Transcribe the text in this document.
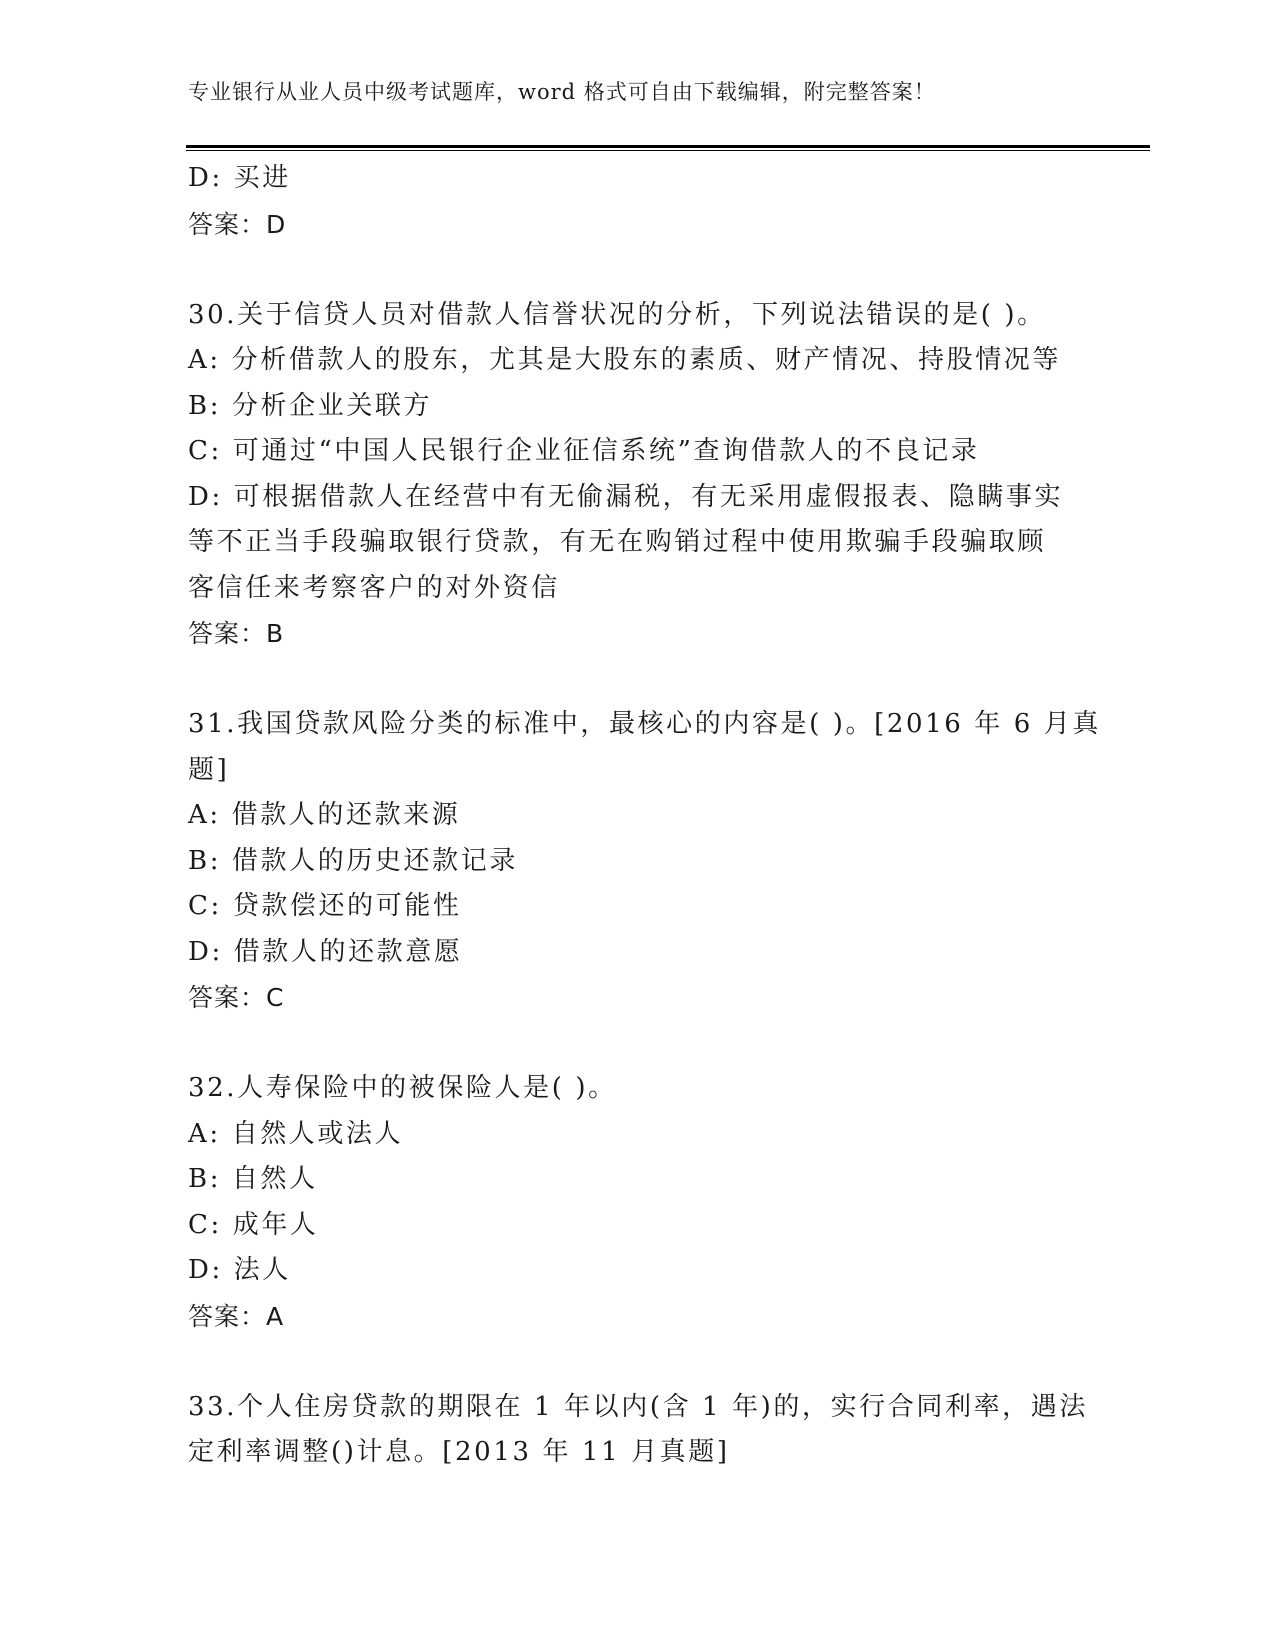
专业银行从业人员中级考试题库，word 格式可自由下载编辑，附完整答案！
D: 买进
答案：D
30.关于信贷人员对借款人信誉状况的分析，下列说法错误的是( )。
A: 分析借款人的股东，尤其是大股东的素质、财产情况、持股情况等
B: 分析企业关联方
C: 可通过“中国人民银行企业征信系统”查询借款人的不良记录
D: 可根据借款人在经营中有无偷漏税，有无采用虚假报表、隐瞒事实
等不正当手段骗取银行贷款，有无在购销过程中使用欺骗手段骗取顾
客信任来考察客户的对外资信
答案：B
31.我国贷款风险分类的标准中，最核心的内容是( )。[2016 年 6 月真
题]
A: 借款人的还款来源
B: 借款人的历史还款记录
C: 贷款偿还的可能性
D: 借款人的还款意愿
答案：C
32.人寿保险中的被保险人是( )。
A: 自然人或法人
B: 自然人
C: 成年人
D: 法人
答案：A
33.个人住房贷款的期限在 1 年以内(含 1 年)的，实行合同利率，遇法
定利率调整()计息。[2013 年 11 月真题]
